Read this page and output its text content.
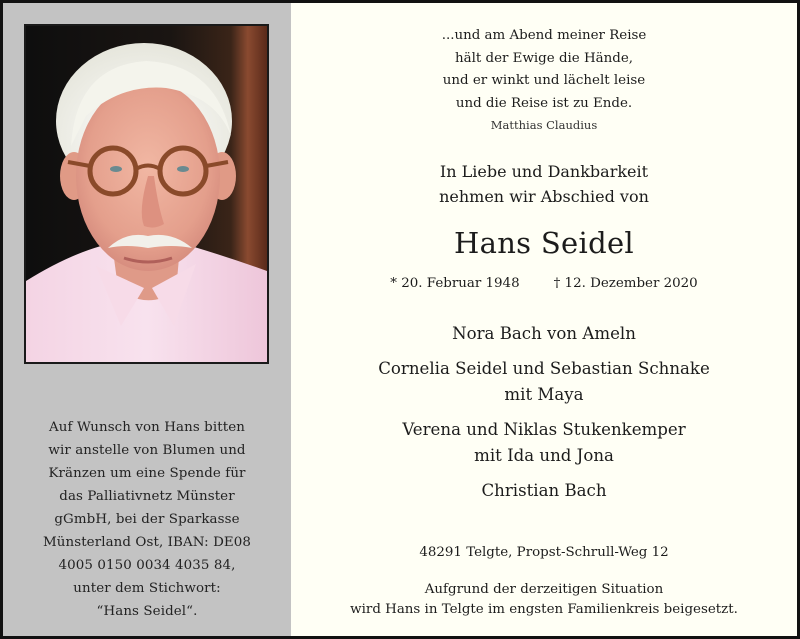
Auf Wunsch von Hans bitten
wir anstelle von Blumen und
Kränzen um eine Spende für
das Palliativnetz Münster
gGmbH, bei der Sparkasse
Münsterland Ost, IBAN: DE08
4005 0150 0034 4035 84,
unter dem Stichwort:
“Hans Seidel“.
...und am Abend meiner Reise
hält der Ewige die Hände,
und er winkt und lächelt leise
und die Reise ist zu Ende.
Matthias Claudius
In Liebe und Dankbarkeit
nehmen wir Abschied von
Hans Seidel
* 20. Februar 1948	† 12. Dezember 2020
Nora Bach von Ameln
Cornelia Seidel und Sebastian Schnake
mit Maya
Verena und Niklas Stukenkemper
mit Ida und Jona
Christian Bach
48291 Telgte, Propst-Schrull-Weg 12
Aufgrund der derzeitigen Situation
wird Hans in Telgte im engsten Familienkreis beigesetzt.
